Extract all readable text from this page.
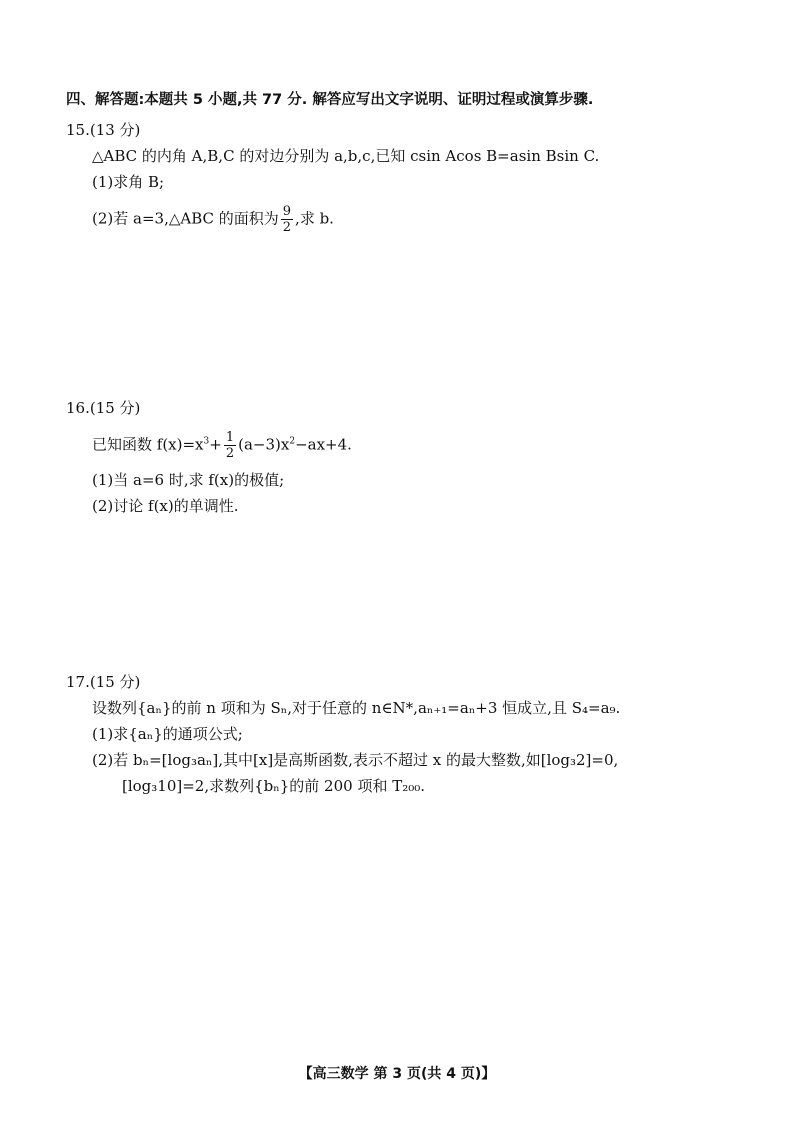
四、解答题:本题共 5 小题,共 77 分. 解答应写出文字说明、证明过程或演算步骤.
15.(13 分)
△ABC 的内角 A,B,C 的对边分别为 a,b,c,已知 csin Acos B=asin Bsin C.
(1)求角 B;
(2)若 a=3,△ABC 的面积为 $\frac{9}{2}$ ,求 b.
16.(15 分)
已知函数 $f(x)=x^3+ \frac{1}{2} (a-3)x^2-ax+4$.
(1)当 a=6 时,求 f(x)的极值;
(2)讨论 f(x)的单调性.
17.(15 分)
设数列{aₙ}的前 n 项和为 Sₙ,对于任意的 n∈N*,aₙ₊₁=aₙ+3 恒成立,且 S₄=a₉.
(1)求{aₙ}的通项公式;
(2)若 bₙ=[log₃aₙ],其中[x]是高斯函数,表示不超过 x 的最大整数,如[log₃2]=0,
[log₃10]=2,求数列{bₙ}的前 200 项和 T₂₀₀.
【高三数学 第 3 页(共 4 页)】
